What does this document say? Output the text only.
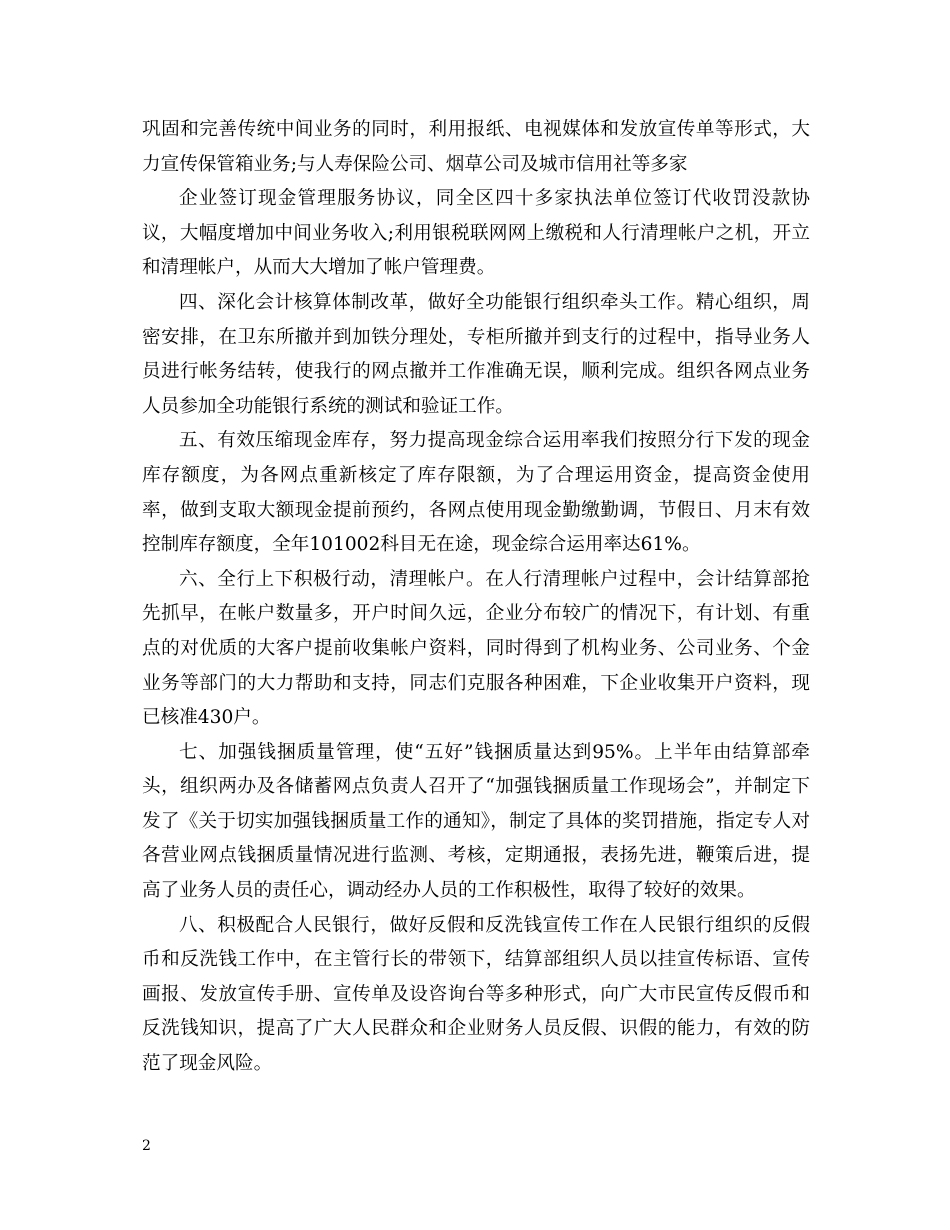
巩固和完善传统中间业务的同时，利用报纸、电视媒体和发放宣传单等形式，大力宣传保管箱业务;与人寿保险公司、烟草公司及城市信用社等多家

企业签订现金管理服务协议，同全区四十多家执法单位签订代收罚没款协议，大幅度增加中间业务收入;利用银税联网网上缴税和人行清理帐户之机，开立和清理帐户，从而大大增加了帐户管理费。

四、深化会计核算体制改革，做好全功能银行组织牵头工作。精心组织，周密安排，在卫东所撤并到加铁分理处，专柜所撤并到支行的过程中，指导业务人员进行帐务结转，使我行的网点撤并工作准确无误，顺利完成。组织各网点业务人员参加全功能银行系统的测试和验证工作。

五、有效压缩现金库存，努力提高现金综合运用率我们按照分行下发的现金库存额度，为各网点重新核定了库存限额，为了合理运用资金，提高资金使用率，做到支取大额现金提前预约，各网点使用现金勤缴勤调，节假日、月末有效控制库存额度，全年101002科目无在途，现金综合运用率达61%。

六、全行上下积极行动，清理帐户。在人行清理帐户过程中，会计结算部抢先抓早，在帐户数量多，开户时间久远，企业分布较广的情况下，有计划、有重点的对优质的大客户提前收集帐户资料，同时得到了机构业务、公司业务、个金业务等部门的大力帮助和支持，同志们克服各种困难，下企业收集开户资料，现已核准430户。

七、加强钱捆质量管理，使“五好”钱捆质量达到95%。上半年由结算部牵头，组织两办及各储蓄网点负责人召开了“加强钱捆质量工作现场会”，并制定下发了《关于切实加强钱捆质量工作的通知》，制定了具体的奖罚措施，指定专人对各营业网点钱捆质量情况进行监测、考核，定期通报，表扬先进，鞭策后进，提高了业务人员的责任心，调动经办人员的工作积极性，取得了较好的效果。

八、积极配合人民银行，做好反假和反洗钱宣传工作在人民银行组织的反假币和反洗钱工作中，在主管行长的带领下，结算部组织人员以挂宣传标语、宣传画报、发放宣传手册、宣传单及设咨询台等多种形式，向广大市民宣传反假币和反洗钱知识，提高了广大人民群众和企业财务人员反假、识假的能力，有效的防范了现金风险。

2
